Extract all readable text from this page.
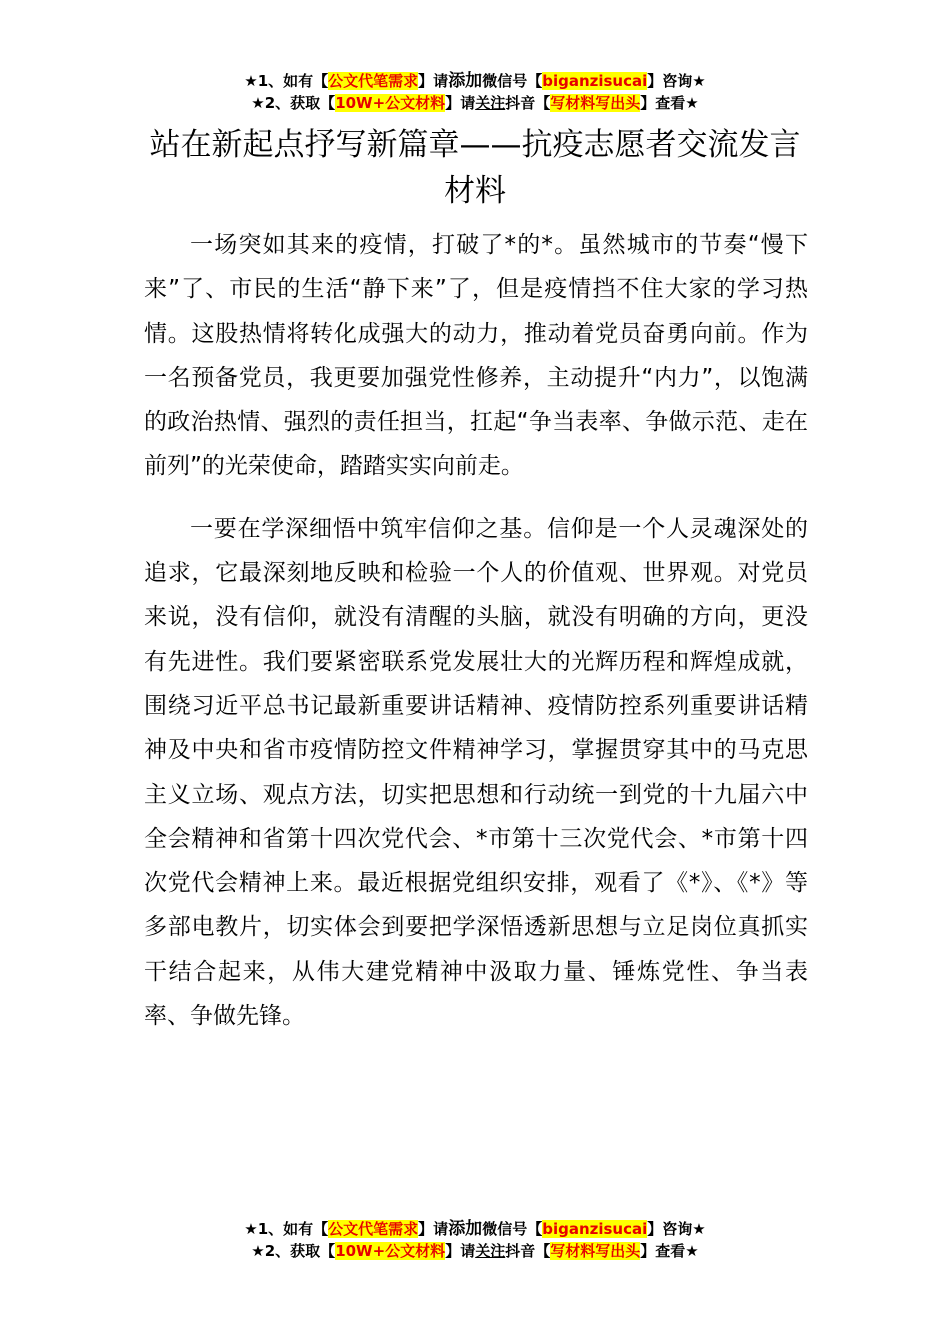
★1、如有【公文代笔需求】请添加微信号【biganzisucai】咨询★
★2、获取【10W+公文材料】请关注抖音【写材料写出头】查看★
站在新起点抒写新篇章——抗疫志愿者交流发言材料

一场突如其来的疫情，打破了*的*。虽然城市的节奏“慢下来”了、市民的生活“静下来”了，但是疫情挡不住大家的学习热情。这股热情将转化成强大的动力，推动着党员奋勇向前。作为一名预备党员，我更要加强党性修养，主动提升“内力”，以饱满的政治热情、强烈的责任担当，扛起“争当表率、争做示范、走在前列”的光荣使命，踏踏实实向前走。

一要在学深细悟中筑牢信仰之基。信仰是一个人灵魂深处的追求，它最深刻地反映和检验一个人的价值观、世界观。对党员来说，没有信仰，就没有清醒的头脑，就没有明确的方向，更没有先进性。我们要紧密联系党发展壮大的光辉历程和辉煌成就，围绕习近平总书记最新重要讲话精神、疫情防控系列重要讲话精神及中央和省市疫情防控文件精神学习，掌握贯穿其中的马克思主义立场、观点方法，切实把思想和行动统一到党的十九届六中全会精神和省第十四次党代会、*市第十三次党代会、*市第十四次党代会精神上来。最近根据党组织安排，观看了《*》、《*》等多部电教片，切实体会到要把学深悟透新思想与立足岗位真抓实干结合起来，从伟大建党精神中汲取力量、锤炼党性、争当表率、争做先锋。

★1、如有【公文代笔需求】请添加微信号【biganzisucai】咨询★
★2、获取【10W+公文材料】请关注抖音【写材料写出头】查看★
